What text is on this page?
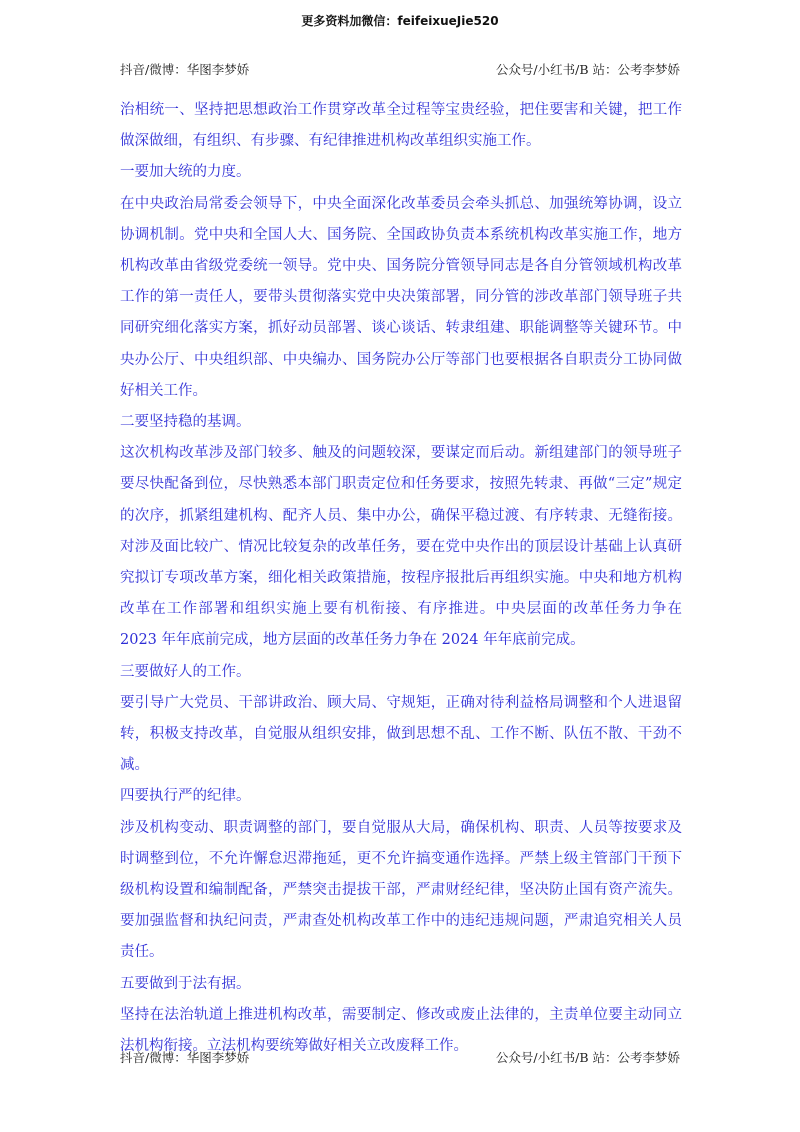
更多资料加微信：feifeixueJie520
抖音/微博：华图李梦娇	公众号/小红书/B 站：公考李梦娇

治相统一、坚持把思想政治工作贯穿改革全过程等宝贵经验，把住要害和关键，把工作做深做细，有组织、有步骤、有纪律推进机构改革组织实施工作。

一要加大统的力度。

在中央政治局常委会领导下，中央全面深化改革委员会牵头抓总、加强统筹协调，设立协调机制。党中央和全国人大、国务院、全国政协负责本系统机构改革实施工作，地方机构改革由省级党委统一领导。党中央、国务院分管领导同志是各自分管领域机构改革工作的第一责任人，要带头贯彻落实党中央决策部署，同分管的涉改革部门领导班子共同研究细化落实方案，抓好动员部署、谈心谈话、转隶组建、职能调整等关键环节。中央办公厅、中央组织部、中央编办、国务院办公厅等部门也要根据各自职责分工协同做好相关工作。

二要坚持稳的基调。

这次机构改革涉及部门较多、触及的问题较深，要谋定而后动。新组建部门的领导班子要尽快配备到位，尽快熟悉本部门职责定位和任务要求，按照先转隶、再做“三定”规定的次序，抓紧组建机构、配齐人员、集中办公，确保平稳过渡、有序转隶、无缝衔接。对涉及面比较广、情况比较复杂的改革任务，要在党中央作出的顶层设计基础上认真研究拟订专项改革方案，细化相关政策措施，按程序报批后再组织实施。中央和地方机构改革在工作部署和组织实施上要有机衔接、有序推进。中央层面的改革任务力争在 2023 年年底前完成，地方层面的改革任务力争在 2024 年年底前完成。

三要做好人的工作。

要引导广大党员、干部讲政治、顾大局、守规矩，正确对待利益格局调整和个人进退留转，积极支持改革，自觉服从组织安排，做到思想不乱、工作不断、队伍不散、干劲不减。

四要执行严的纪律。

涉及机构变动、职责调整的部门，要自觉服从大局，确保机构、职责、人员等按要求及时调整到位，不允许懈怠迟滞拖延，更不允许搞变通作选择。严禁上级主管部门干预下级机构设置和编制配备，严禁突击提拔干部，严肃财经纪律，坚决防止国有资产流失。要加强监督和执纪问责，严肃查处机构改革工作中的违纪违规问题，严肃追究相关人员责任。

五要做到于法有据。

坚持在法治轨道上推进机构改革，需要制定、修改或废止法律的，主责单位要主动同立法机构衔接。立法机构要统筹做好相关立改废释工作。

抖音/微博：华图李梦娇	公众号/小红书/B 站：公考李梦娇
